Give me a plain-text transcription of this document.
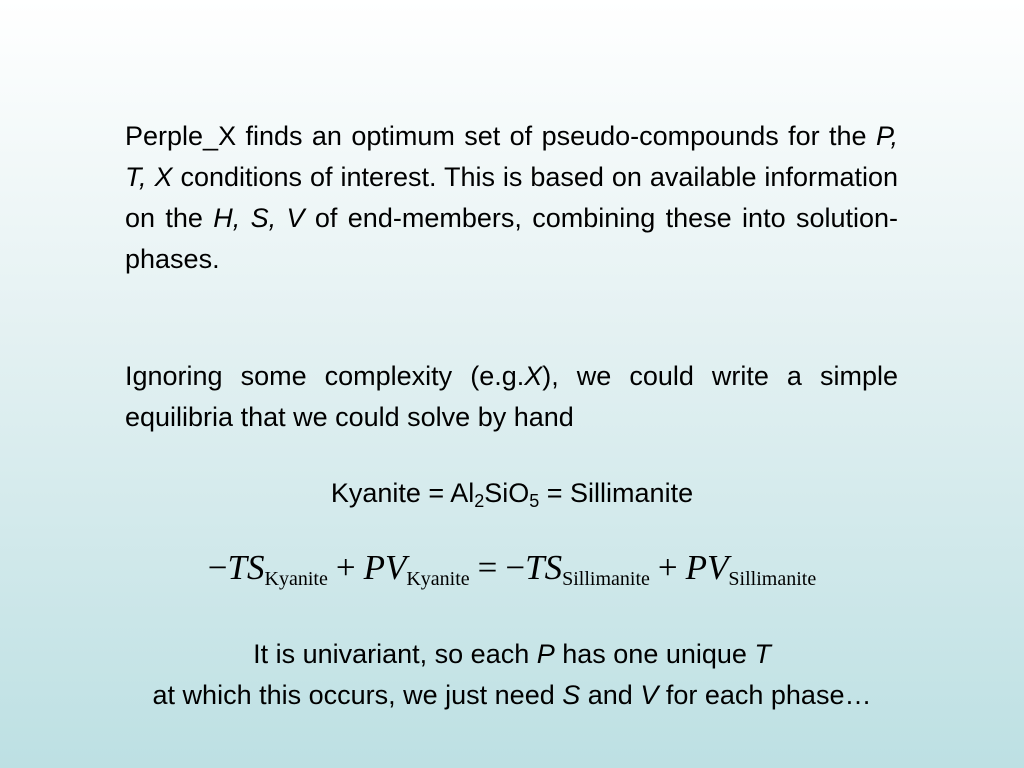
Perple_X finds an optimum set of pseudo-compounds for the P, T, X conditions of interest. This is based on available information on the H, S, V of end-members, combining these into solution-phases.

Ignoring some complexity (e.g.X), we could write a simple equilibria that we could solve by hand

Kyanite = $Al_2SiO_5$ = Sillimanite

$-TS_{Kyanite} + PV_{Kyanite} = -TS_{Sillimanite} + PV_{Sillimanite}$

It is univariant, so each P has one unique T
at which this occurs, we just need S and V for each phase…
